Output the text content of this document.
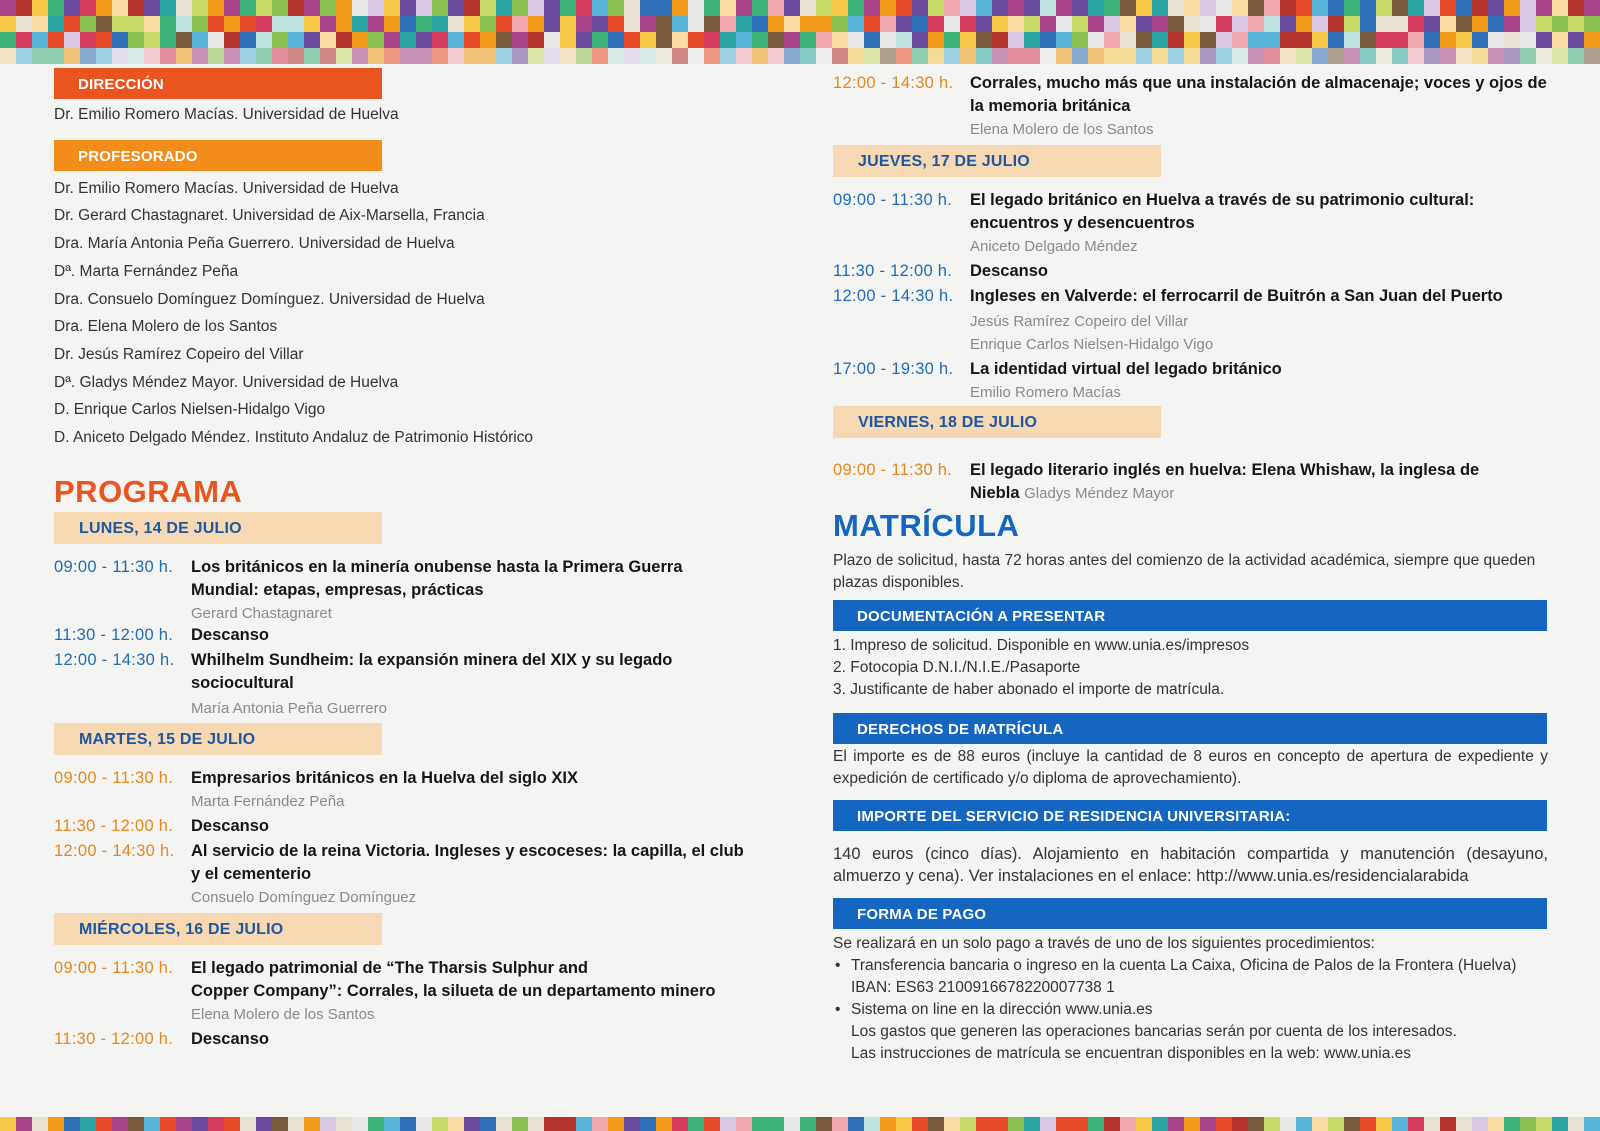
DIRECCIÓN
Dr. Emilio Romero Macías. Universidad de Huelva
PROFESORADO
Dr. Emilio Romero Macías. Universidad de Huelva
Dr. Gerard Chastagnaret. Universidad de Aix-Marsella, Francia
Dra. María Antonia Peña Guerrero. Universidad de Huelva
Dª. Marta Fernández Peña
Dra. Consuelo Domínguez Domínguez. Universidad de Huelva
Dra. Elena Molero de los Santos
Dr. Jesús Ramírez Copeiro del Villar
Dª. Gladys Méndez Mayor. Universidad de Huelva
D. Enrique Carlos Nielsen-Hidalgo Vigo
D. Aniceto Delgado Méndez. Instituto Andaluz de Patrimonio Histórico
PROGRAMA
LUNES, 14 DE JULIO
09:00 - 11:30 h.	Los británicos en la minería onubense hasta la Primera Guerra Mundial: etapas, empresas, prácticas
Gerard Chastagnaret
11:30 - 12:00 h.	Descanso
12:00 - 14:30 h.	Whilhelm Sundheim: la expansión minera del XIX y su legado sociocultural
María Antonia Peña Guerrero
MARTES, 15 DE JULIO
09:00 - 11:30 h.	Empresarios británicos en la Huelva del siglo XIX
Marta Fernández Peña
11:30 - 12:00 h.	Descanso
12:00 - 14:30 h.	Al servicio de la reina Victoria. Ingleses y escoceses: la capilla, el club y el cementerio
Consuelo Domínguez Domínguez
MIÉRCOLES, 16 DE JULIO
09:00 - 11:30 h.	El legado patrimonial de “The Tharsis Sulphur and
Copper Company”: Corrales, la silueta de un departamento minero
Elena Molero de los Santos
11:30 - 12:00 h.	Descanso
12:00 - 14:30 h.	Corrales, mucho más que una instalación de almacenaje; voces y ojos de la memoria británica
Elena Molero de los Santos
JUEVES, 17 DE JULIO
09:00 - 11:30 h.	El legado británico en Huelva a través de su patrimonio cultural: encuentros y desencuentros
Aniceto Delgado Méndez
11:30 - 12:00 h.	Descanso
12:00 - 14:30 h.	Ingleses en Valverde: el ferrocarril de Buitrón a San Juan del Puerto
Jesús Ramírez Copeiro del Villar
Enrique Carlos Nielsen-Hidalgo Vigo
17:00 - 19:30 h.	La identidad virtual del legado británico
Emilio Romero Macías
VIERNES, 18 DE JULIO
09:00 - 11:30 h.	El legado literario inglés en huelva: Elena Whishaw, la inglesa de
Niebla Gladys Méndez Mayor
MATRÍCULA
Plazo de solicitud, hasta 72 horas antes del comienzo de la actividad académica, siempre que queden plazas disponibles.
DOCUMENTACIÓN A PRESENTAR
1. Impreso de solicitud. Disponible en www.unia.es/impresos
2. Fotocopia D.N.I./N.I.E./Pasaporte
3. Justificante de haber abonado el importe de matrícula.
DERECHOS DE MATRÍCULA
El importe es de 88 euros (incluye la cantidad de 8 euros en concepto de apertura de expediente y expedición de certificado y/o diploma de aprovechamiento).
IMPORTE DEL SERVICIO DE RESIDENCIA UNIVERSITARIA:
140 euros (cinco días). Alojamiento en habitación compartida y manutención (desayuno, almuerzo y cena). Ver instalaciones en el enlace: http://www.unia.es/residencialarabida
FORMA DE PAGO
Se realizará en un solo pago a través de uno de los siguientes procedimientos:
• Transferencia bancaria o ingreso en la cuenta La Caixa, Oficina de Palos de la Frontera (Huelva)
IBAN: ES63 2100916678220007738 1
• Sistema on line en la dirección www.unia.es
Los gastos que generen las operaciones bancarias serán por cuenta de los interesados.
Las instrucciones de matrícula se encuentran disponibles en la web: www.unia.es
